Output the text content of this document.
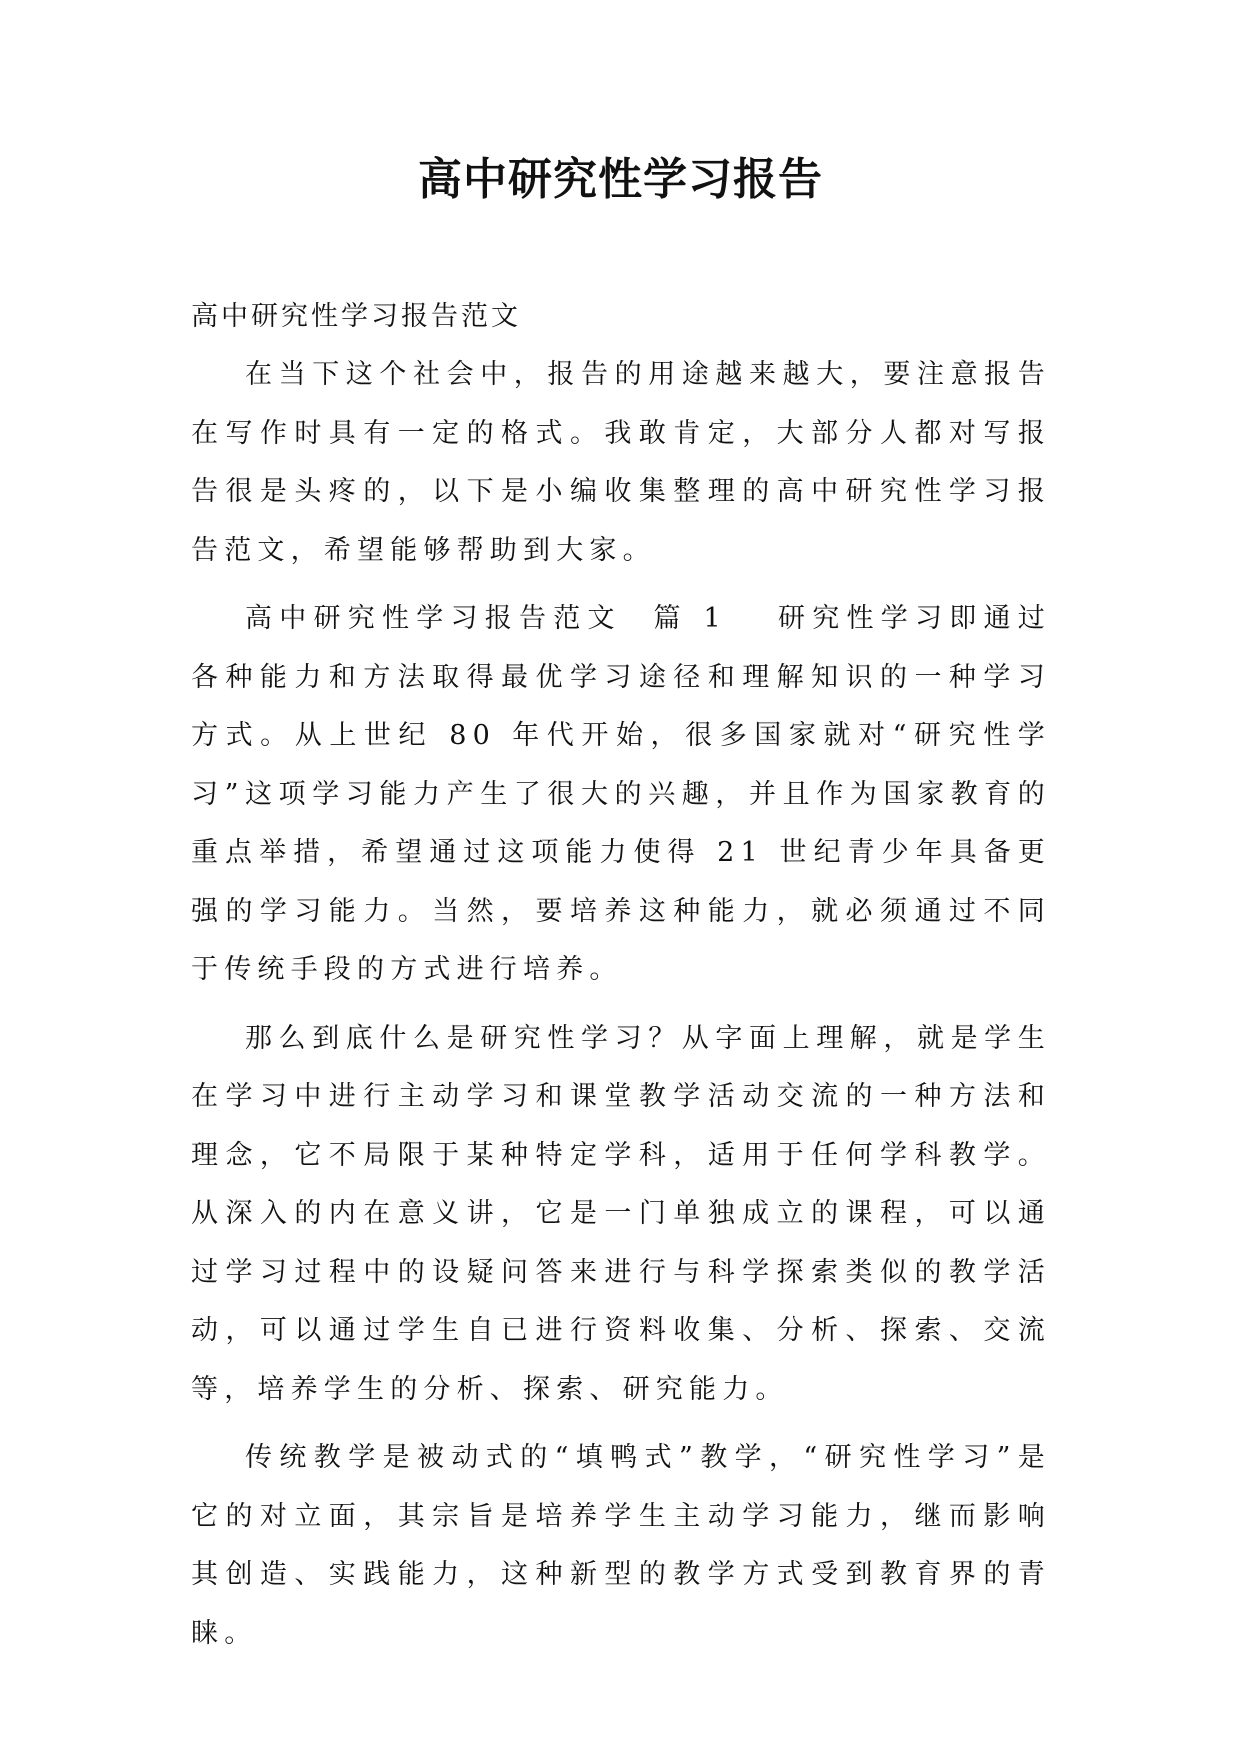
高中研究性学习报告

高中研究性学习报告范文

在当下这个社会中，报告的用途越来越大，要注意报告在写作时具有一定的格式。我敢肯定，大部分人都对写报告很是头疼的，以下是小编收集整理的高中研究性学习报告范文，希望能够帮助到大家。

高中研究性学习报告范文  篇 1 研究性学习即通过各种能力和方法取得最优学习途径和理解知识的一种学习方式。从上世纪 80 年代开始，很多国家就对“研究性学习”这项学习能力产生了很大的兴趣，并且作为国家教育的重点举措，希望通过这项能力使得 21 世纪青少年具备更强的学习能力。当然，要培养这种能力，就必须通过不同于传统手段的方式进行培养。

那么到底什么是研究性学习？从字面上理解，就是学生在学习中进行主动学习和课堂教学活动交流的一种方法和理念，它不局限于某种特定学科，适用于任何学科教学。从深入的内在意义讲，它是一门单独成立的课程，可以通过学习过程中的设疑问答来进行与科学探索类似的教学活动，可以通过学生自已进行资料收集、分析、探索、交流等，培养学生的分析、探索、研究能力。

传统教学是被动式的“填鸭式”教学，“研究性学习”是它的对立面，其宗旨是培养学生主动学习能力，继而影响其创造、实践能力，这种新型的教学方式受到教育界的青睐。
